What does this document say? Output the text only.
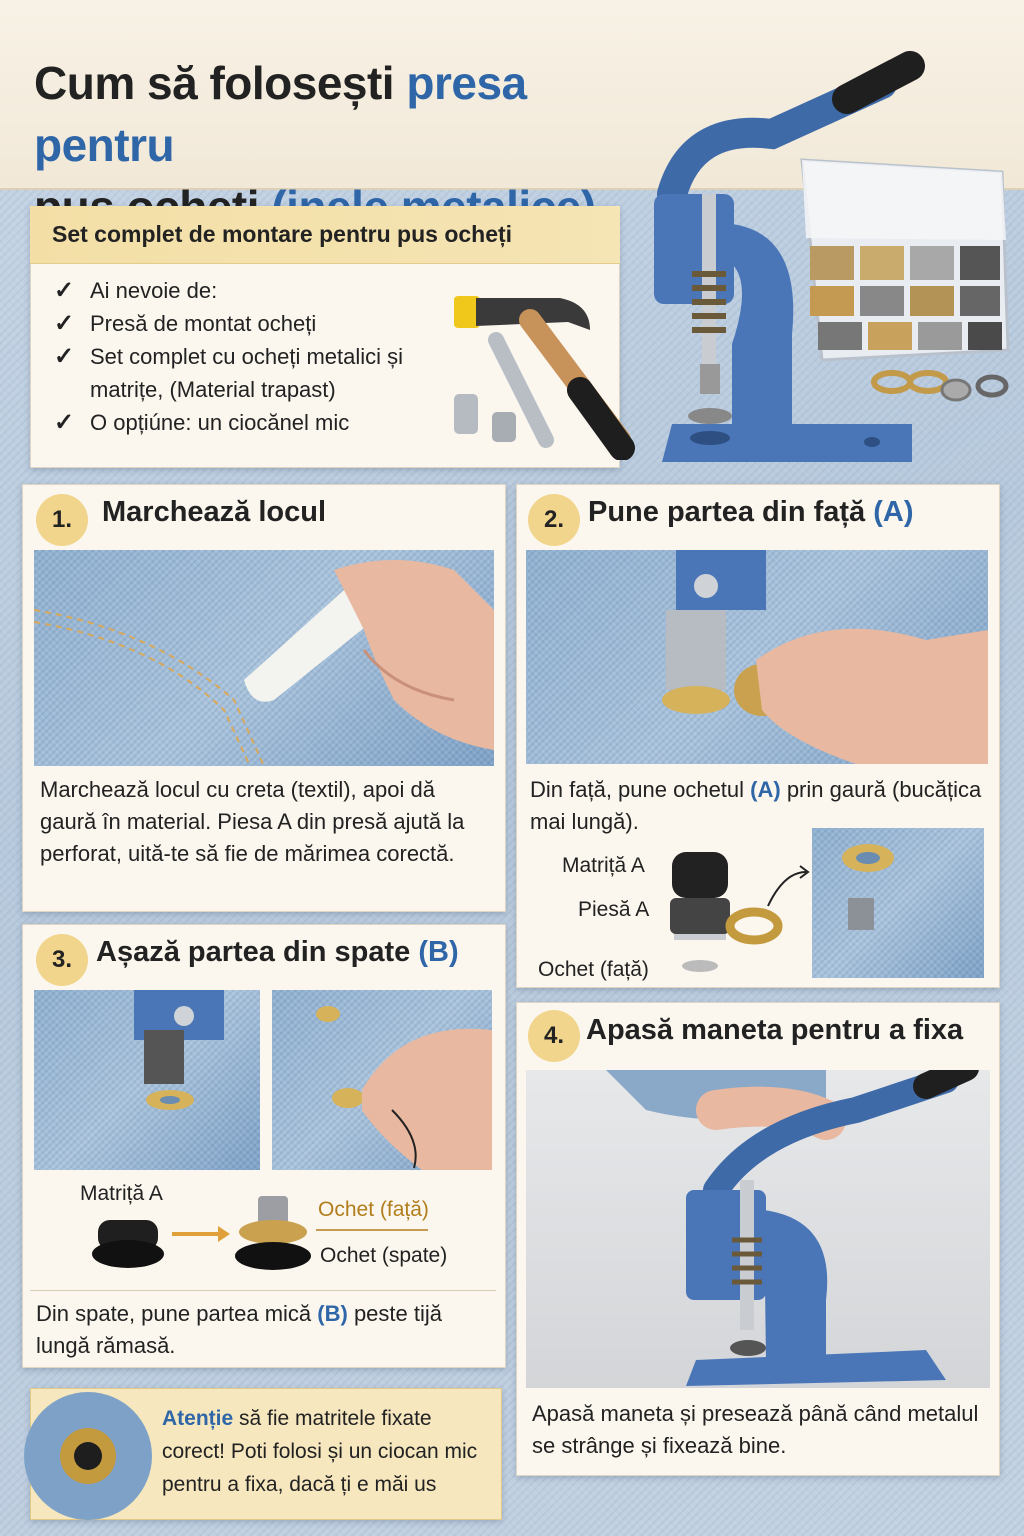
Cum să folosești presa pentru

Set complet de montare pentru pus ocheți
✓ Ai nevoie de:
✓ Presă de montat ocheți
✓ Set complet cu ocheți metalici și matrițe, (Material trapast)
✓ O opțiúne: un ciocănel mic
1.	Marchează locul
Marchează locul cu creta (textil), apoi dă gaură în material. Piesa A din presă ajută la perforat, uită-te să fie de mărimea corectă.
2. Pune partea din față (A)
Din față, pune ochetul (A) prin gaură (bucățica mai lungă).
Matriță A
Piesă A
Ochet (față)
3. Așază partea din spate (B)
Matriță A
Ochet (față)
Ochet (spate)
Din spate, pune partea mică (B) peste tijă lungă rămasă.
4. Apasă maneta pentru a fixa
Apasă maneta și presează până când metalul se strânge și fixează bine.
Atenție să fie matritele fixate corect! Poti folosi și un ciocan mic pentru a fixa, dacă ți e măi us
